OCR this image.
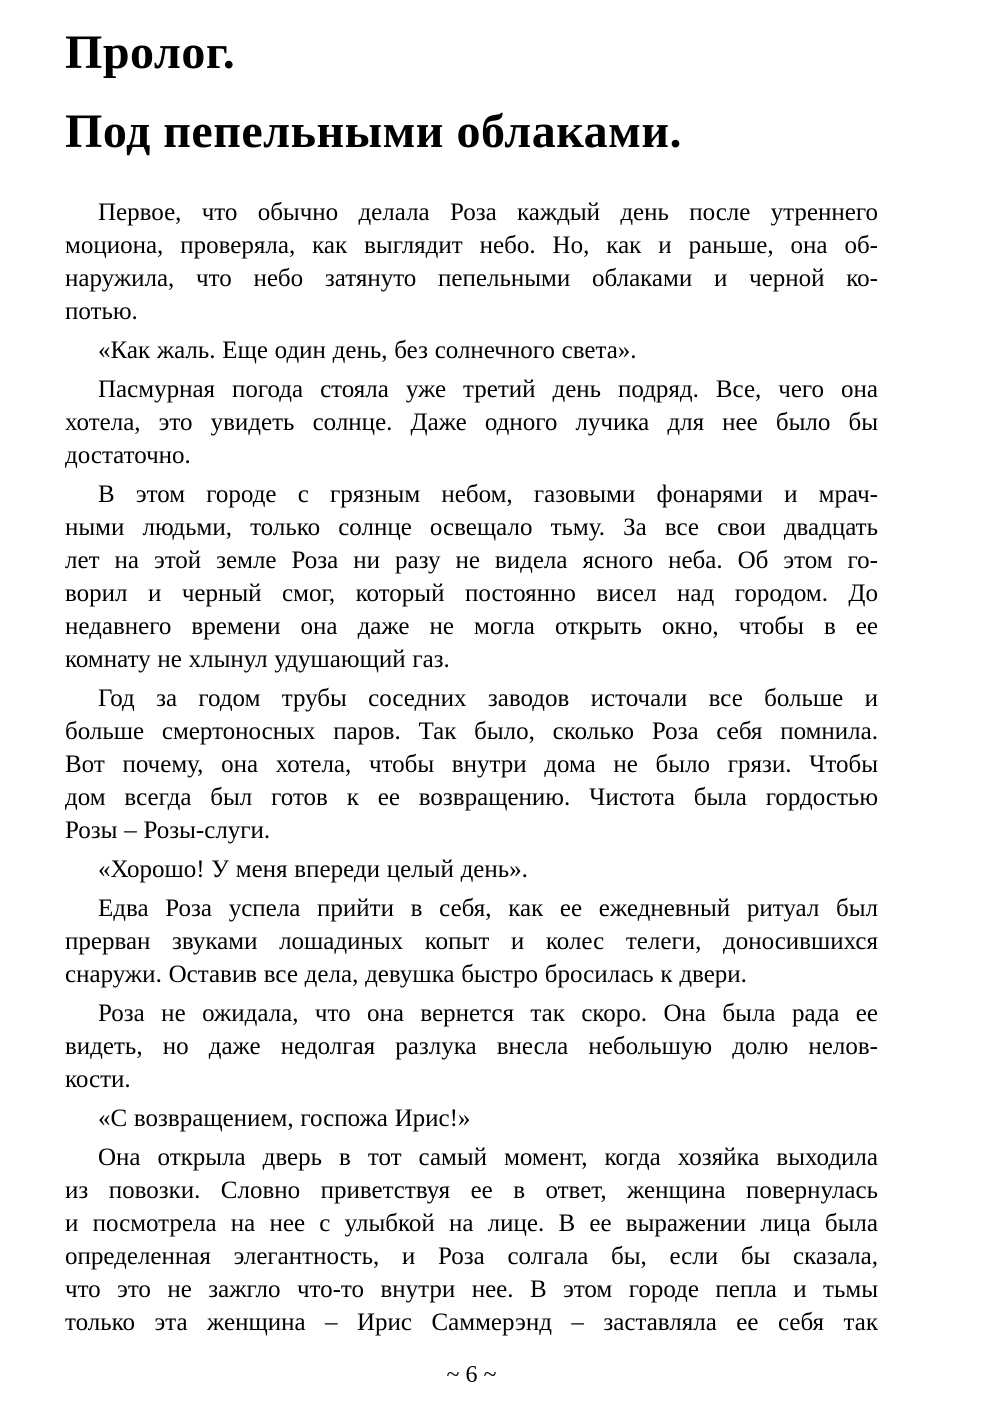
Пролог.
Под пепельными облаками.
Первое, что обычно делала Роза каждый день после утреннего
моциона, проверяла, как выглядит небо. Но, как и раньше, она об-
наружила, что небо затянуто пепельными облаками и черной ко-
потью.
«Как жаль. Еще один день, без солнечного света».
Пасмурная погода стояла уже третий день подряд. Все, чего она
хотела, это увидеть солнце. Даже одного лучика для нее было бы
достаточно.
В этом городе с грязным небом, газовыми фонарями и мрач-
ными людьми, только солнце освещало тьму. За все свои двадцать
лет на этой земле Роза ни разу не видела ясного неба. Об этом го-
ворил и черный смог, который постоянно висел над городом. До
недавнего времени она даже не могла открыть окно, чтобы в ее
комнату не хлынул удушающий газ.
Год за годом трубы соседних заводов источали все больше и
больше смертоносных паров. Так было, сколько Роза себя помнила.
Вот почему, она хотела, чтобы внутри дома не было грязи. Чтобы
дом всегда был готов к ее возвращению. Чистота была гордостью
Розы – Розы-слуги.
«Хорошо! У меня впереди целый день».
Едва Роза успела прийти в себя, как ее ежедневный ритуал был
прерван звуками лошадиных копыт и колес телеги, доносившихся
снаружи. Оставив все дела, девушка быстро бросилась к двери.
Роза не ожидала, что она вернется так скоро. Она была рада ее
видеть, но даже недолгая разлука внесла небольшую долю нелов-
кости.
«С возвращением, госпожа Ирис!»
Она открыла дверь в тот самый момент, когда хозяйка выходила
из повозки. Словно приветствуя ее в ответ, женщина повернулась
и посмотрела на нее с улыбкой на лице. В ее выражении лица была
определенная элегантность, и Роза солгала бы, если бы сказала,
что это не зажгло что-то внутри нее. В этом городе пепла и тьмы
только эта женщина – Ирис Саммерэнд – заставляла ее себя так
~ 6 ~
